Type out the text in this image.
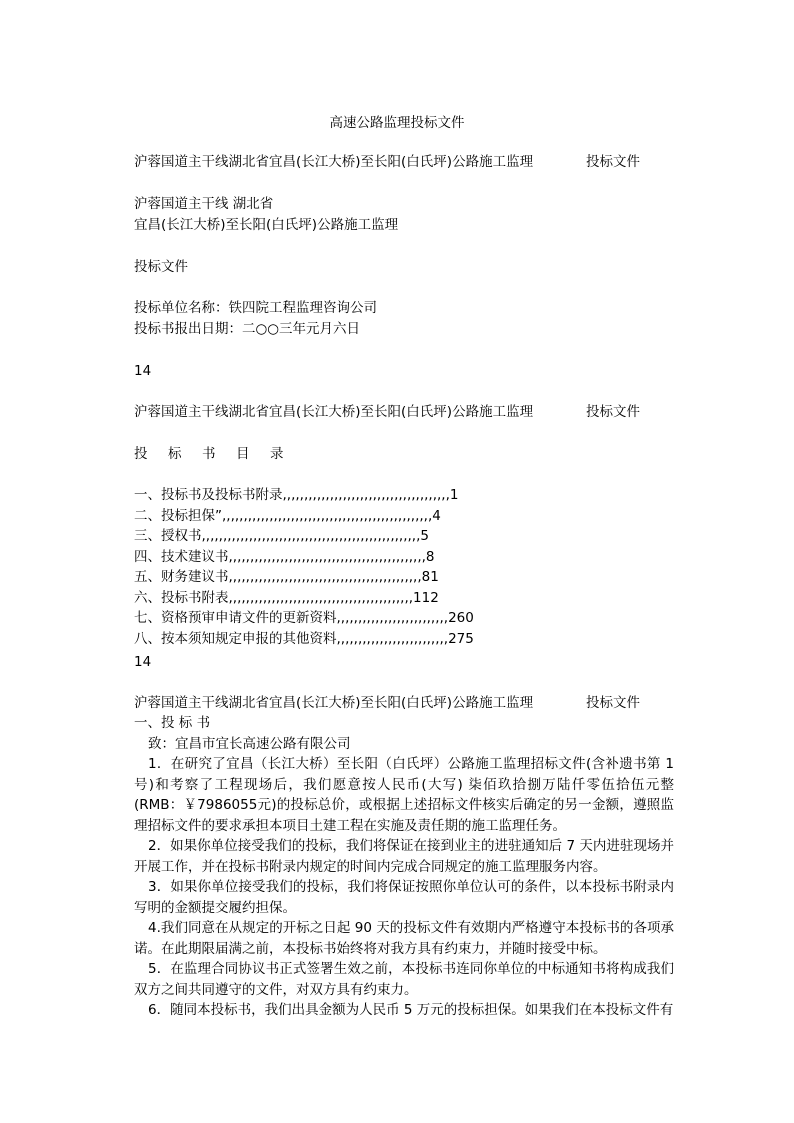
高速公路监理投标文件
沪蓉国道主干线湖北省宜昌(长江大桥)至长阳(白氏坪)公路施工监理	投标文件
沪蓉国道主干线 湖北省
宜昌(长江大桥)至长阳(白氏坪)公路施工监理
投标文件
投标单位名称：铁四院工程监理咨询公司
投标书报出日期：二○○三年元月六日
14
沪蓉国道主干线湖北省宜昌(长江大桥)至长阳(白氏坪)公路施工监理	投标文件
投 标 书 目 录
一、投标书及投标书附录,,,,,,,,,,,,,,,,,,,,,,,,,,,,,,,,,,,,,,,1
二、投标担保”,,,,,,,,,,,,,,,,,,,,,,,,,,,,,,,,,,,,,,,,,,,,,,,,,4
三、授权书,,,,,,,,,,,,,,,,,,,,,,,,,,,,,,,,,,,,,,,,,,,,,,,,,,,5
四、技术建议书,,,,,,,,,,,,,,,,,,,,,,,,,,,,,,,,,,,,,,,,,,,,,,8
五、财务建议书,,,,,,,,,,,,,,,,,,,,,,,,,,,,,,,,,,,,,,,,,,,,,81
六、投标书附表,,,,,,,,,,,,,,,,,,,,,,,,,,,,,,,,,,,,,,,,,,,112
七、资格预审申请文件的更新资料,,,,,,,,,,,,,,,,,,,,,,,,,,260
八、按本须知规定申报的其他资料,,,,,,,,,,,,,,,,,,,,,,,,,,275
14
沪蓉国道主干线湖北省宜昌(长江大桥)至长阳(白氏坪)公路施工监理	投标文件
一、投 标 书
致：宜昌市宜长高速公路有限公司
1．在研究了宜昌（长江大桥）至长阳（白氏坪）公路施工监理招标文件(含补遗书第 1号)和考察了工程现场后，我们愿意按人民币(大写) 柒佰玖拾捌万陆仟零伍拾伍元整(RMB：￥7986055元)的投标总价，或根据上述招标文件核实后确定的另一金额，遵照监理招标文件的要求承担本项目土建工程在实施及责任期的施工监理任务。
2．如果你单位接受我们的投标，我们将保证在接到业主的进驻通知后 7 天内进驻现场并开展工作，并在投标书附录内规定的时间内完成合同规定的施工监理服务内容。
3．如果你单位接受我们的投标，我们将保证按照你单位认可的条件，以本投标书附录内写明的金额提交履约担保。
4.我们同意在从规定的开标之日起 90 天的投标文件有效期内严格遵守本投标书的各项承诺。在此期限届满之前，本投标书始终将对我方具有约束力，并随时接受中标。
5．在监理合同协议书正式签署生效之前，本投标书连同你单位的中标通知书将构成我们双方之间共同遵守的文件，对双方具有约束力。
6．随同本投标书，我们出具金额为人民币 5 万元的投标担保。如果我们在本投标文件有
